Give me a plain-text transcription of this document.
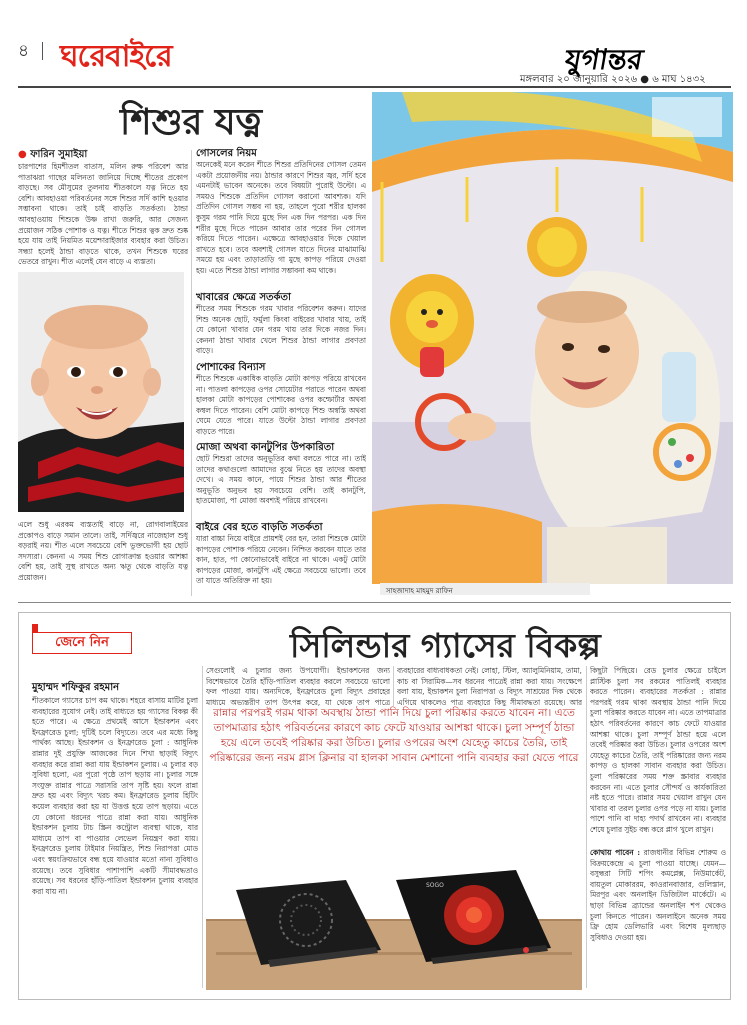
৪ ঘরেবাইরে	যুগান্তর
মঙ্গলবার ২০ জানুয়ারি ২০২৬ ● ৬ মাঘ ১৪৩২
শিশুর যত্ন
● ফারিন সুমাইয়া
চারপাশের হিমশীতল বাতাস, মলিন রুক্ষ পরিবেশ আর পাতাঝরা গাছের মলিনতা জানিয়ে দিচ্ছে শীতের প্রকোপ বাড়ছে। সব মৌসুমের তুলনায় শীতকালে যত্ন নিতে হয় বেশি। আবহাওয়া পরিবর্তনের সঙ্গে শিশুর সর্দি কাশি হওয়ার সম্ভাবনা থাকে। তাই চাই বাড়তি সতর্কতা। ঠান্ডা আবহাওয়ায় শিশুকে উষ্ণ রাখা জরুরি, আর সেজন্য প্রয়োজন সঠিক পোশাক ও যত্ন। শীতে শিশুর ত্বক দ্রুত শুষ্ক হয়ে যায় তাই নিয়মিত ময়েশ্চারাইজার ব্যবহার করা উচিত। সন্ধ্যা হলেই ঠান্ডা বাড়তে থাকে, তখন শিশুকে ঘরের ভেতরে রাখুন। শীত এলেই যেন বাড়ে এ ব্যস্ততা।
এলে শুধু এরকম ব্যস্ততাই বাড়ে না, রোগবালাইয়ের প্রকোপও বাড়ে সমান তালে। তাই, সর্দিজ্বরে নাজেহাল শুধু বড়রাই নয়। শীত এলে সবচেয়ে বেশি ভুক্তভোগী হয় ছোট সদস্যরা। কেননা এ সময় শিশু রোগাক্রান্ত হওয়ার আশঙ্কা বেশি হয়, তাই সুস্থ রাখতে অন্য ঋতু থেকে বাড়তি যত্ন প্রয়োজন।
গোসলের নিয়ম
অনেকেই মনে করেন শীতে শিশুর প্রতিদিনের গোসল তেমন একটা প্রয়োজনীয় নয়। ঠান্ডার কারণে শিশুর জ্বর, সর্দি হবে এমনটাই ভাবেন অনেকে। তবে বিষয়টা পুরোই উল্টো। এ সময়ও শিশুকে প্রতিদিন গোসল করানো আবশ্যক। যদি প্রতিদিন গোসল সম্ভব না হয়, তাহলে পুরো শরীর হালকা কুসুম গরম পানি দিয়ে মুছে দিন এক দিন পরপর। এক দিন শরীর মুছে দিতে পারেন আবার তার পরের দিন গোসল করিয়ে দিতে পারেন। এক্ষেত্রে আবহাওয়ার দিকে খেয়াল রাখতে হবে। তবে অবশ্যই গোসল যাতে দিনের মাঝামাঝি সময়ে হয় এবং তাড়াতাড়ি গা মুছে কাপড় পরিয়ে দেওয়া হয়। এতে শিশুর ঠান্ডা লাগার সম্ভাবনা কম থাকে।
খাবারের ক্ষেত্রে সতর্কতা
শীতের সময় শিশুকে গরম খাবার পরিবেশন করুন। যাদের শিশু অনেক ছোট, ফর্মুলা কিংবা বাইরের খাবার খায়, তাই যে কোনো খাবার যেন গরম খায় তার দিকে নজর দিন। কেননা ঠান্ডা খাবার খেলে শিশুর ঠান্ডা লাগার প্রবণতা বাড়ে।
পোশাকের বিন্যাস
শীতে শিশুকে একাধিক বাড়তি মোটা কাপড় পরিয়ে রাখবেন না। পাতলা কাপড়ের ওপর সোয়েটার পরাতে পারেন অথবা হালকা মোটা কাপড়ের পোশাকের ওপর কম্ফোর্টার অথবা কম্বল দিতে পারেন। বেশি মোটা কাপড়ে শিশু অস্বস্তি অথবা ঘেমে যেতে পারে। যাতে উল্টো ঠান্ডা লাগার প্রবণতা বাড়তে পারে।
মোজা অথবা কানটুপির উপকারিতা
ছোট শিশুরা তাদের অনুভূতির কথা বলতে পারে না। তাই তাদের কথাগুলো আমাদের বুঝে নিতে হয় তাদের অবস্থা দেখে। এ সময় কানে, পায়ে শিশুর ঠান্ডা আর শীতের অনুভূতি অনুভব হয় সবচেয়ে বেশি। তাই কানটুপি, হাতমোজা, পা মোজা অবশ্যই পরিয়ে রাখবেন।
বাইরে বের হতে বাড়তি সতর্কতা
যারা বাচ্চা নিয়ে বাইরে প্রায়শই বের হন, তারা শিশুকে মোটা কাপড়ের পোশাক পরিয়ে নেবেন। নিশ্চিত করবেন যাতে তার কান, হাত, পা কোনোভাবেই বাইরে না থাকে। একটু মোটা কাপড়ের মোজা, কানটুপি এই ক্ষেত্রে সবচেয়ে ভালো। তবে তা যাতে অতিরিক্ত না হয়।
সাহজাদাহ মাহমুদ রাফিন
জেনে নিন	সিলিন্ডার গ্যাসের বিকল্প
মুহাম্মদ শফিকুর রহমান
শীতকালে গ্যাসের চাপ কম থাকে। শহরে বাসায় মাটির চুলা ব্যবহারের সুযোগ নেই। তাই বাধ্যতে হয় গ্যাসের বিকল্প কী হতে পারে। এ ক্ষেত্রে প্রথমেই আসে ইন্ডাকশন এবং ইনফ্রারেড চুলা; দুটিই চলে বিদ্যুতে। তবে এর মধ্যে কিছু পার্থক্য আছে। ইন্ডাকশন ও ইনফ্রারেড চুলা : আধুনিক রান্নার দুই প্রযুক্তি আজকের দিনে শিখা ছাড়াই বিদ্যুৎ ব্যবহার করে রান্না করা যায় ইন্ডাকশন চুলায়। এ চুলার বড় সুবিধা হলো, এর পুরো পৃষ্ঠে তাপ ছড়ায় না। চুলার সঙ্গে সংযুক্ত রান্নার পাত্রে সরাসরি তাপ সৃষ্টি হয়। ফলে রান্না দ্রুত হয় এবং বিদ্যুৎ খরচ কম। ইনফ্রারেড চুলায় হিটিং কয়েল ব্যবহার করা হয় যা উত্তপ্ত হয়ে তাপ ছড়ায়। এতে যে কোনো ধরনের পাত্রে রান্না করা যায়। আধুনিক ইন্ডাকশন চুলায় টাচ স্ক্রিন কন্ট্রোল ব্যবস্থা থাকে, যার মাধ্যমে তাপ বা পাওয়ার লেভেল নিয়ন্ত্রণ করা যায়। ইনফ্রারেড চুলায় টাইমার নিয়ন্ত্রিত, শিশু নিরাপত্তা মোড এবং স্বয়ংক্রিয়ভাবে বন্ধ হয়ে যাওয়ার মতো নানা সুবিধাও রয়েছে। তবে সুবিধার পাশাপাশি একটি সীমাবদ্ধতাও রয়েছে। সব ধরনের হাঁড়ি-পাতিল ইন্ডাকশন চুলায় ব্যবহার করা যায় না।
সেগুলোই এ চুলার জন্য উপযোগী। ইন্ডাকশনের জন্য বিশেষভাবে তৈরি হাঁড়ি-পাতিল ব্যবহার করলে সবচেয়ে ভালো ফল পাওয়া যায়। অন্যদিকে, ইনফ্রারেড চুলা বিদ্যুৎ প্রবাহের মাধ্যমে অভ্যন্তরীণ তাপ উৎপন্ন করে, যা থেকে তাপ পাত্রে
ব্যবহারের বাধ্যবাধকতা নেই। লোহা, স্টিল, অ্যালুমিনিয়াম, তামা, কাচ বা সিরামিক—সব ধরনের পাত্রেই রান্না করা যায়। সংক্ষেপে বলা যায়, ইন্ডাকশন চুলা নিরাপত্তা ও বিদ্যুৎ সাশ্রয়ের দিক থেকে এগিয়ে থাকলেও পাত্র ব্যবহারে কিছু সীমাবদ্ধতা রয়েছে। আর
রান্নার পরপরই গরম থাকা অবস্থায় ঠান্ডা পানি দিয়ে চুলা পরিষ্কার করতে যাবেন না। এতে তাপমাত্রার হঠাৎ পরিবর্তনের কারণে কাচ ফেটে যাওয়ার আশঙ্কা থাকে। চুলা সম্পূর্ণ ঠান্ডা হয়ে এলে তবেই পরিষ্কার করা উচিত। চুলার ওপরের অংশ যেহেতু কাচের তৈরি, তাই পরিষ্কারের জন্য নরম গ্লাস ক্লিনার বা হালকা সাবান মেশানো পানি ব্যবহার করা যেতে পারে
SOGO
কিছুটা পিছিয়ে। রেড চুলার ক্ষেত্রে চাইলে প্লাস্টিক চুলা সব রকমের পাতিলই ব্যবহার করতে পারেন। ব্যবহারের সতর্কতা : রান্নার পরপরই গরম থাকা অবস্থায় ঠান্ডা পানি দিয়ে চুলা পরিষ্কার করতে যাবেন না। এতে তাপমাত্রার হঠাৎ পরিবর্তনের কারণে কাচ ফেটে যাওয়ার আশঙ্কা থাকে। চুলা সম্পূর্ণ ঠান্ডা হয়ে এলে তবেই পরিষ্কার করা উচিত। চুলার ওপরের অংশ যেহেতু কাচের তৈরি, তাই পরিষ্কারের জন্য নরম কাপড় ও হালকা সাবান ব্যবহার করা উচিত। চুলা পরিষ্কারের সময় শক্ত স্ক্রাবার ব্যবহার করবেন না। এতে চুলার সৌন্দর্য ও কার্যকারিতা নষ্ট হতে পারে। রান্নার সময় খেয়াল রাখুন যেন খাবার বা তরল চুলার ওপর পড়ে না যায়। চুলার পাশে পানি বা দাহ্য পদার্থ রাখবেন না। ব্যবহার শেষে চুলার সুইচ বন্ধ করে প্লাগ খুলে রাখুন।
কোথায় পাবেন : রাজধানীর বিভিন্ন শোরুম ও বিক্রয়কেন্দ্রে এ চুলা পাওয়া যাচ্ছে। যেমন—বসুন্ধরা সিটি শপিং কমপ্লেক্স, নিউমার্কেট, বায়তুল মোকাররম, কাওরানবাজার, গুলিস্তান, মিরপুর এবং অনলাইন ডিজিটাল মার্কেটে। এ ছাড়া বিভিন্ন ব্র্যান্ডের অনলাইন শপ থেকেও চুলা কিনতে পারেন। অনলাইনে অনেক সময় ফ্রি হোম ডেলিভারি এবং বিশেষ মূল্যছাড় সুবিধাও দেওয়া হয়।
